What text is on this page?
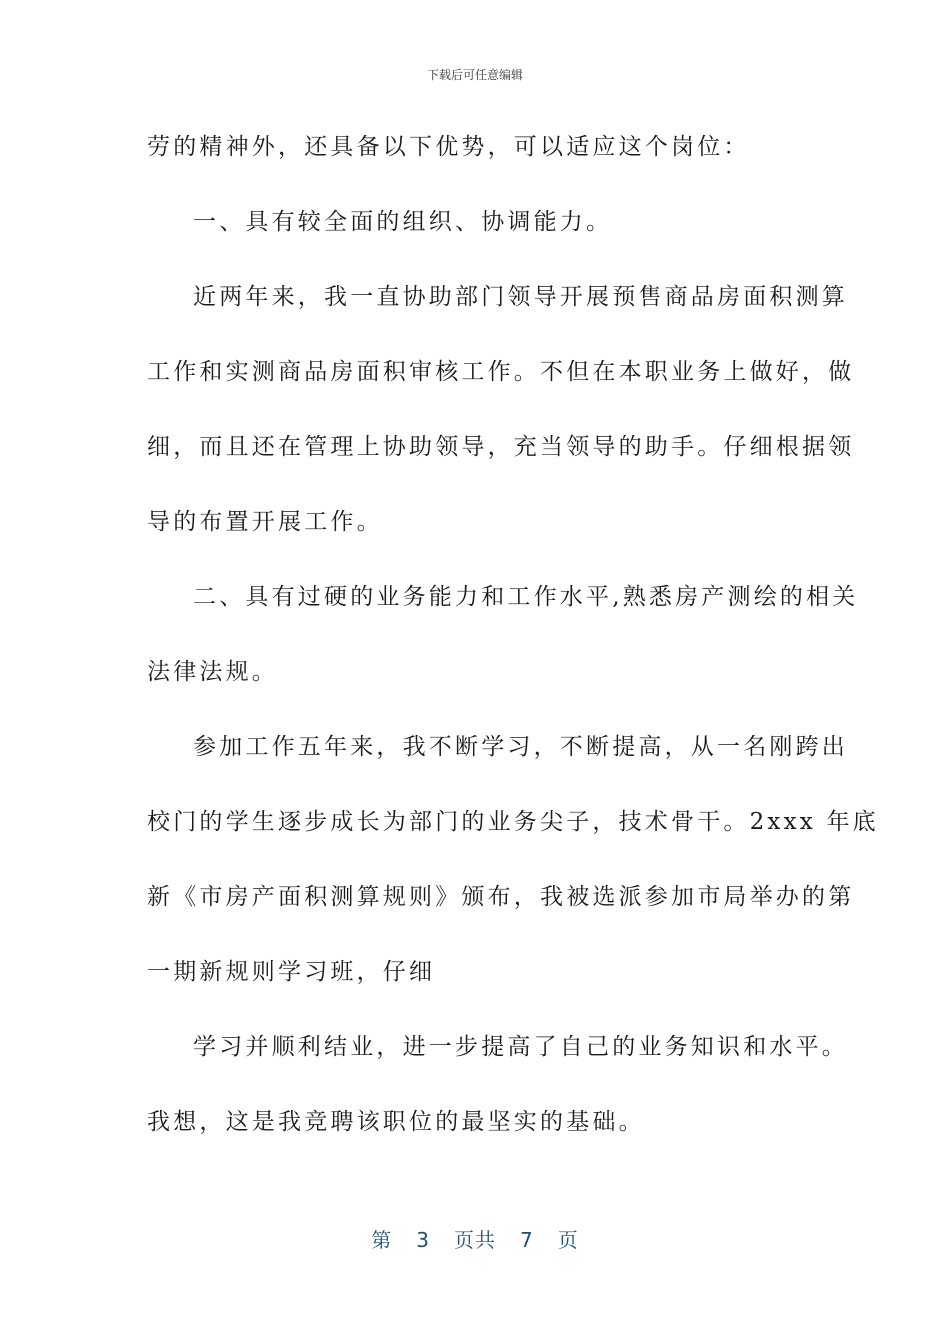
下载后可任意编辑
劳的精神外，还具备以下优势，可以适应这个岗位：
一、具有较全面的组织、协调能力。
近两年来，我一直协助部门领导开展预售商品房面积测算
工作和实测商品房面积审核工作。不但在本职业务上做好，做
细，而且还在管理上协助领导，充当领导的助手。仔细根据领
导的布置开展工作。
二、具有过硬的业务能力和工作水平,熟悉房产测绘的相关
法律法规。
参加工作五年来，我不断学习，不断提高，从一名刚跨出
校门的学生逐步成长为部门的业务尖子，技术骨干。2xxx 年底
新《市房产面积测算规则》颁布，我被选派参加市局举办的第
一期新规则学习班，仔细
学习并顺利结业，进一步提高了自己的业务知识和水平。
我想，这是我竞聘该职位的最坚实的基础。
第 3 页共 7 页
